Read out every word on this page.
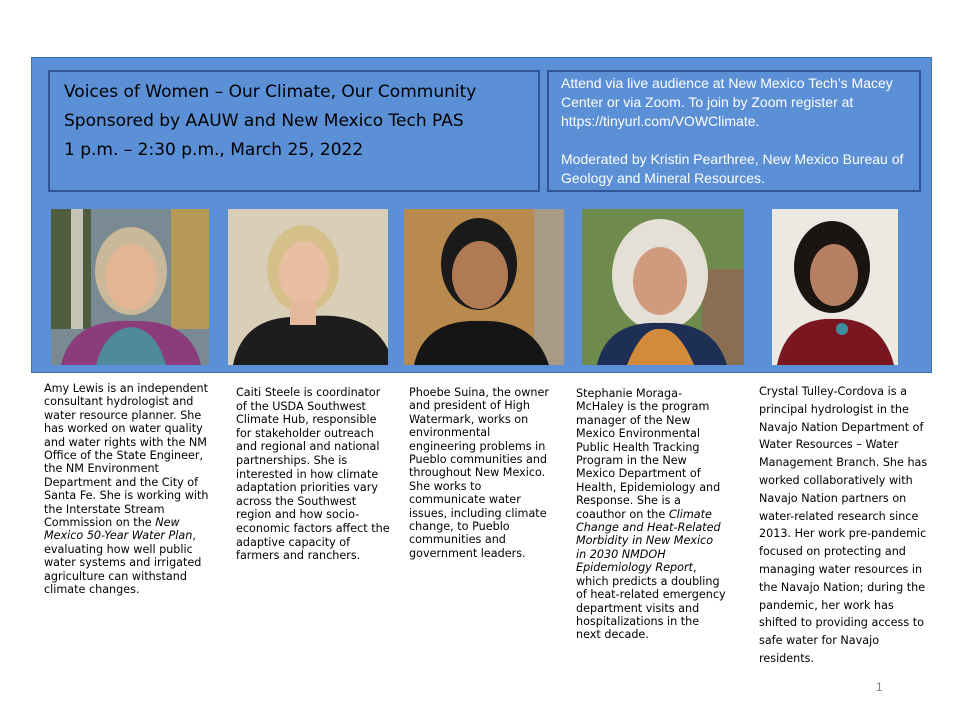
Voices of Women – Our Climate, Our Community
Sponsored by AAUW and New Mexico Tech PAS
1 p.m. – 2:30 p.m., March 25, 2022

Attend via live audience at New Mexico Tech’s Macey Center or via Zoom. To join by Zoom register at https://tinyurl.com/VOWClimate.

Moderated by Kristin Pearthree, New Mexico Bureau of Geology and Mineral Resources.

Amy Lewis is an independent consultant hydrologist and water resource planner. She has worked on water quality and water rights with the NM Office of the State Engineer, the NM Environment Department and the City of Santa Fe. She is working with the Interstate Stream Commission on the New Mexico 50-Year Water Plan, evaluating how well public water systems and irrigated agriculture can withstand climate changes.
Caiti Steele is coordinator of the USDA Southwest Climate Hub, responsible for stakeholder outreach and regional and national partnerships. She is interested in how climate adaptation priorities vary across the Southwest region and how socio-economic factors affect the adaptive capacity of farmers and ranchers.
Phoebe Suina, the owner and president of High Watermark, works on environmental engineering problems in Pueblo communities and throughout New Mexico. She works to communicate water issues, including climate change, to Pueblo communities and government leaders.
Stephanie Moraga-McHaley is the program manager of the New Mexico Environmental Public Health Tracking Program in the New Mexico Department of Health, Epidemiology and Response. She is a coauthor on the Climate Change and Heat-Related Morbidity in New Mexico in 2030 NMDOH Epidemiology Report, which predicts a doubling of heat-related emergency department visits and hospitalizations in the next decade.
Crystal Tulley-Cordova is a principal hydrologist in the Navajo Nation Department of Water Resources – Water Management Branch. She has worked collaboratively with Navajo Nation partners on water-related research since 2013. Her work pre-pandemic focused on protecting and managing water resources in the Navajo Nation; during the pandemic, her work has shifted to providing access to safe water for Navajo residents.
1
